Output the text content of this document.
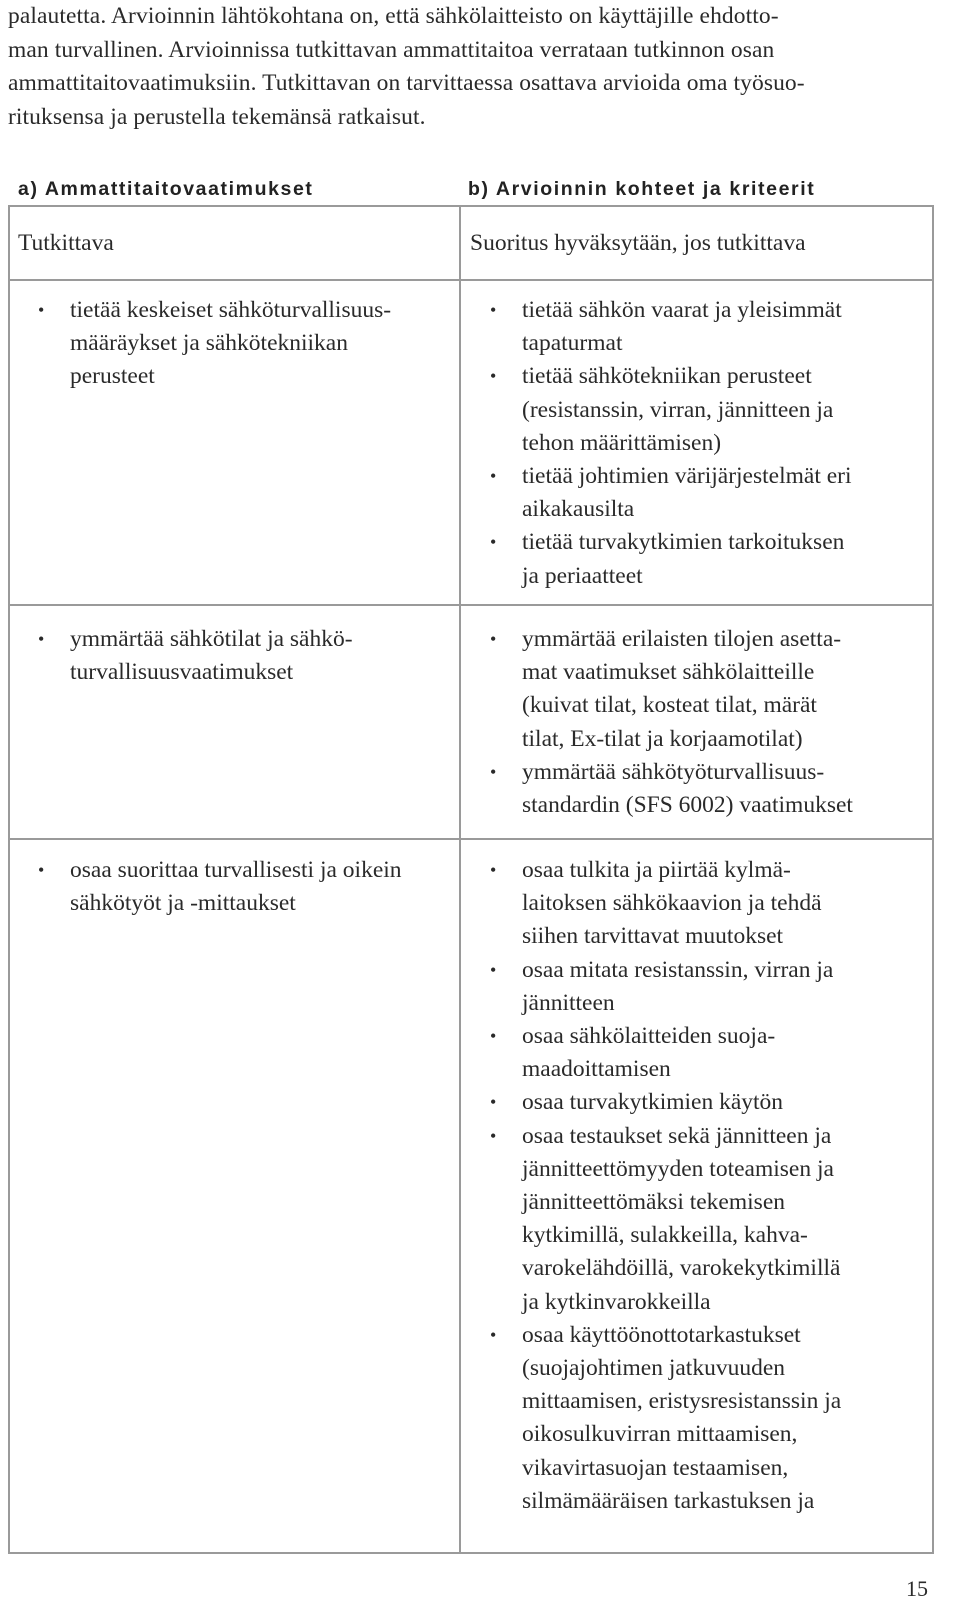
palautetta. Arvioinnin lähtökohtana on, että sähkölaitteisto on käyttäjille ehdotto-
man turvallinen. Arvioinnissa tutkittavan ammattitaitoa verrataan tutkinnon osan
ammattitaitovaatimuksiin. Tutkittavan on tarvittaessa osattava arvioida oma työsuo-
rituksensa ja perustella tekemänsä ratkaisut.
a) Ammattitaitovaatimukset	b) Arvioinnin kohteet ja kriteerit
Tutkittava	Suoritus hyväksytään, jos tutkittava
• tietää keskeiset sähköturvallisuus-
määräykset ja sähkötekniikan
perusteet
• tietää sähkön vaarat ja yleisimmät
tapaturmat
• tietää sähkötekniikan perusteet
(resistanssin, virran, jännitteen ja
tehon määrittämisen)
• tietää johtimien värijärjestelmät eri
aikakausilta
• tietää turvakytkimien tarkoituksen
ja periaatteet
• ymmärtää sähkötilat ja sähkö-
turvallisuusvaatimukset
• ymmärtää erilaisten tilojen asetta-
mat vaatimukset sähkölaitteille
(kuivat tilat, kosteat tilat, märät
tilat, Ex-tilat ja korjaamotilat)
• ymmärtää sähkötyöturvallisuus-
standardin (SFS 6002) vaatimukset
• osaa suorittaa turvallisesti ja oikein
sähkötyöt ja -mittaukset
• osaa tulkita ja piirtää kylmä-
laitoksen sähkökaavion ja tehdä
siihen tarvittavat muutokset
• osaa mitata resistanssin, virran ja
jännitteen
• osaa sähkölaitteiden suoja-
maadoittamisen
• osaa turvakytkimien käytön
• osaa testaukset sekä jännitteen ja
jännitteettömyyden toteamisen ja
jännitteettömäksi tekemisen
kytkimillä, sulakkeilla, kahva-
varokelähdöillä, varokekytkimillä
ja kytkinvarokkeilla
• osaa käyttöönottotarkastukset
(suojajohtimen jatkuvuuden
mittaamisen, eristysresistanssin ja
oikosulkuvirran mittaamisen,
vikavirtasuojan testaamisen,
silmämääräisen tarkastuksen ja
15
